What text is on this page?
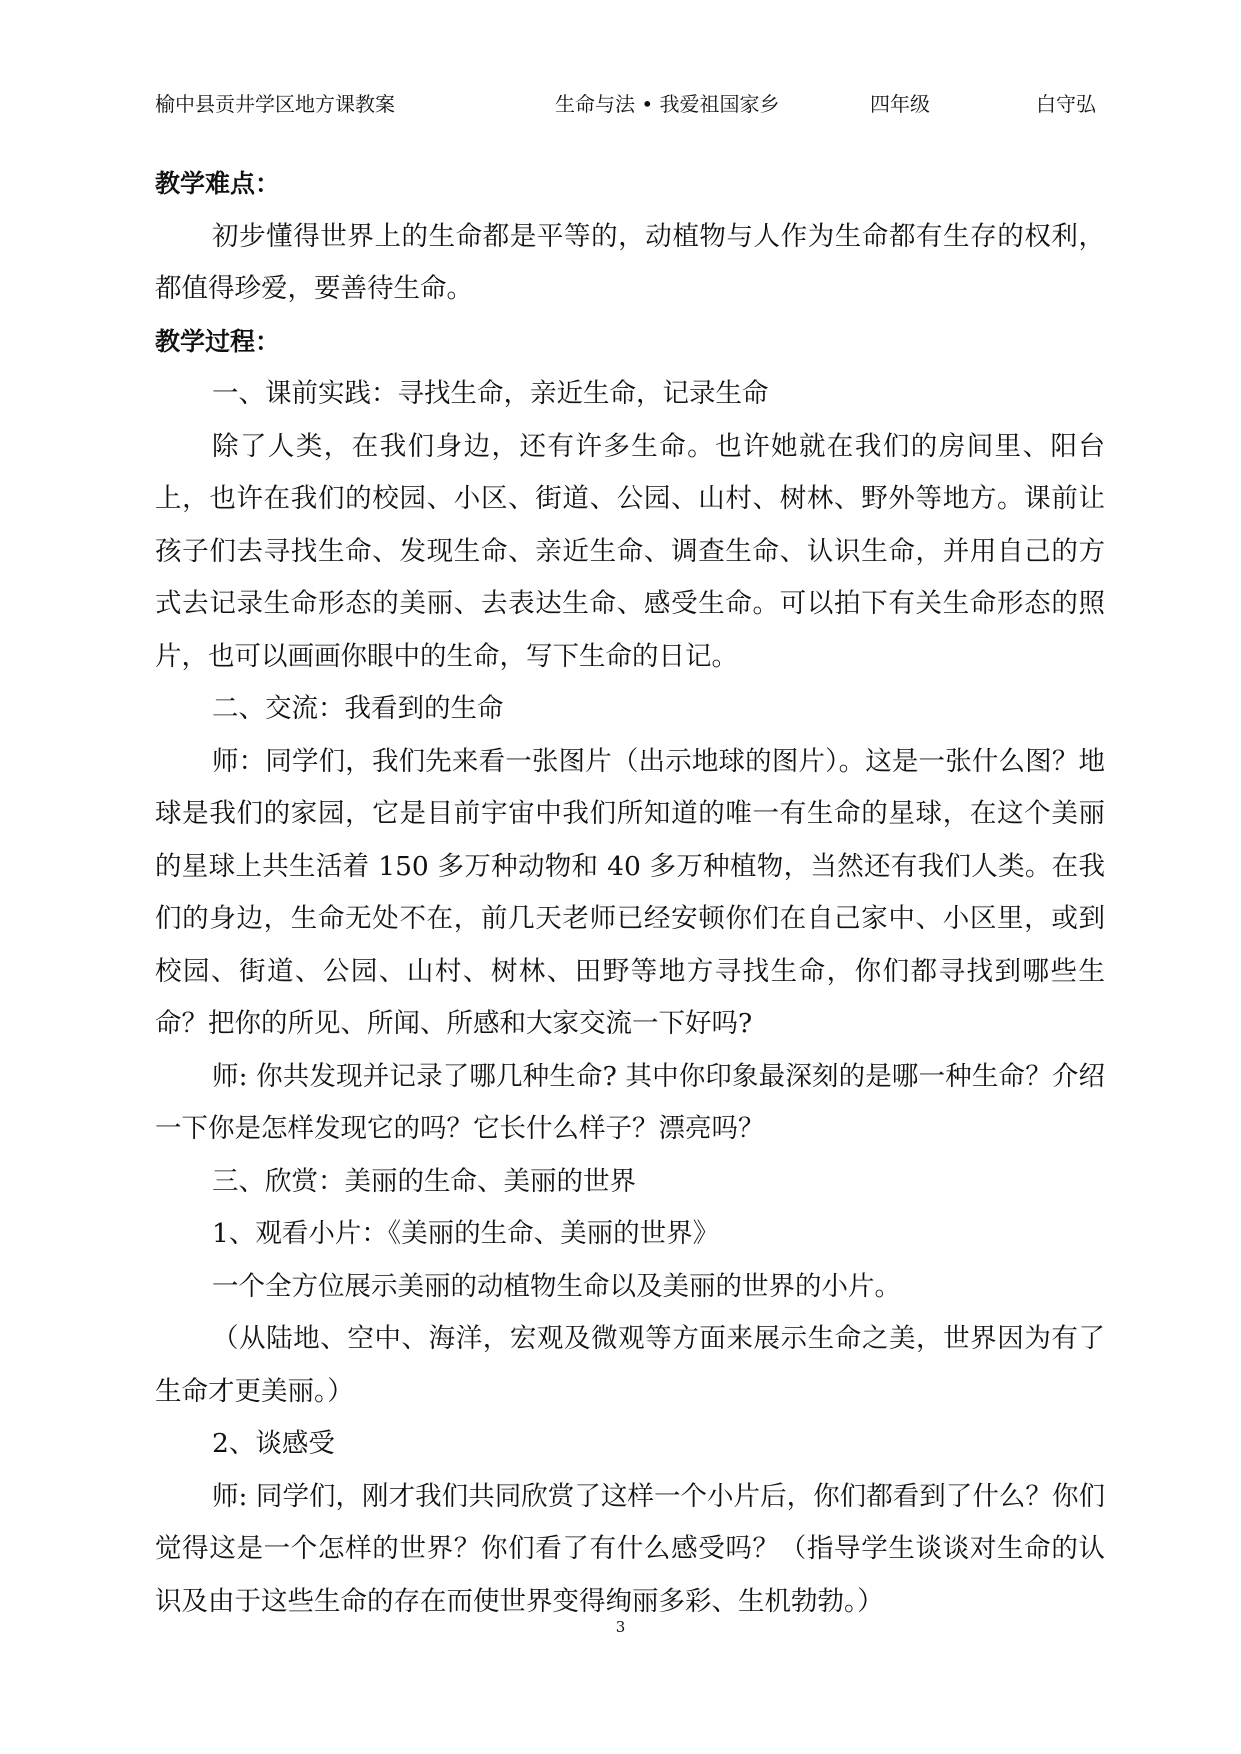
榆中县贡井学区地方课教案	生命与法 • 我爱祖国家乡	四年级	白守弘

教学难点：

初步懂得世界上的生命都是平等的，动植物与人作为生命都有生存的权利，都值得珍爱，要善待生命。

教学过程：

一、课前实践：寻找生命，亲近生命，记录生命

除了人类，在我们身边，还有许多生命。也许她就在我们的房间里、阳台上，也许在我们的校园、小区、街道、公园、山村、树林、野外等地方。课前让孩子们去寻找生命、发现生命、亲近生命、调查生命、认识生命，并用自己的方式去记录生命形态的美丽、去表达生命、感受生命。可以拍下有关生命形态的照片，也可以画画你眼中的生命，写下生命的日记。

二、交流：我看到的生命

师：同学们，我们先来看一张图片（出示地球的图片）。这是一张什么图？地球是我们的家园，它是目前宇宙中我们所知道的唯一有生命的星球，在这个美丽的星球上共生活着 150 多万种动物和 40 多万种植物，当然还有我们人类。在我们的身边，生命无处不在，前几天老师已经安顿你们在自己家中、小区里，或到校园、街道、公园、山村、树林、田野等地方寻找生命，你们都寻找到哪些生命？把你的所见、所闻、所感和大家交流一下好吗?

师: 你共发现并记录了哪几种生命? 其中你印象最深刻的是哪一种生命？介绍一下你是怎样发现它的吗？它长什么样子？漂亮吗？

三、欣赏：美丽的生命、美丽的世界

1、观看小片：《美丽的生命、美丽的世界》

一个全方位展示美丽的动植物生命以及美丽的世界的小片。

（从陆地、空中、海洋，宏观及微观等方面来展示生命之美，世界因为有了生命才更美丽。）

2、谈感受

师: 同学们，刚才我们共同欣赏了这样一个小片后，你们都看到了什么？你们觉得这是一个怎样的世界？你们看了有什么感受吗？（指导学生谈谈对生命的认识及由于这些生命的存在而使世界变得绚丽多彩、生机勃勃。）

3
